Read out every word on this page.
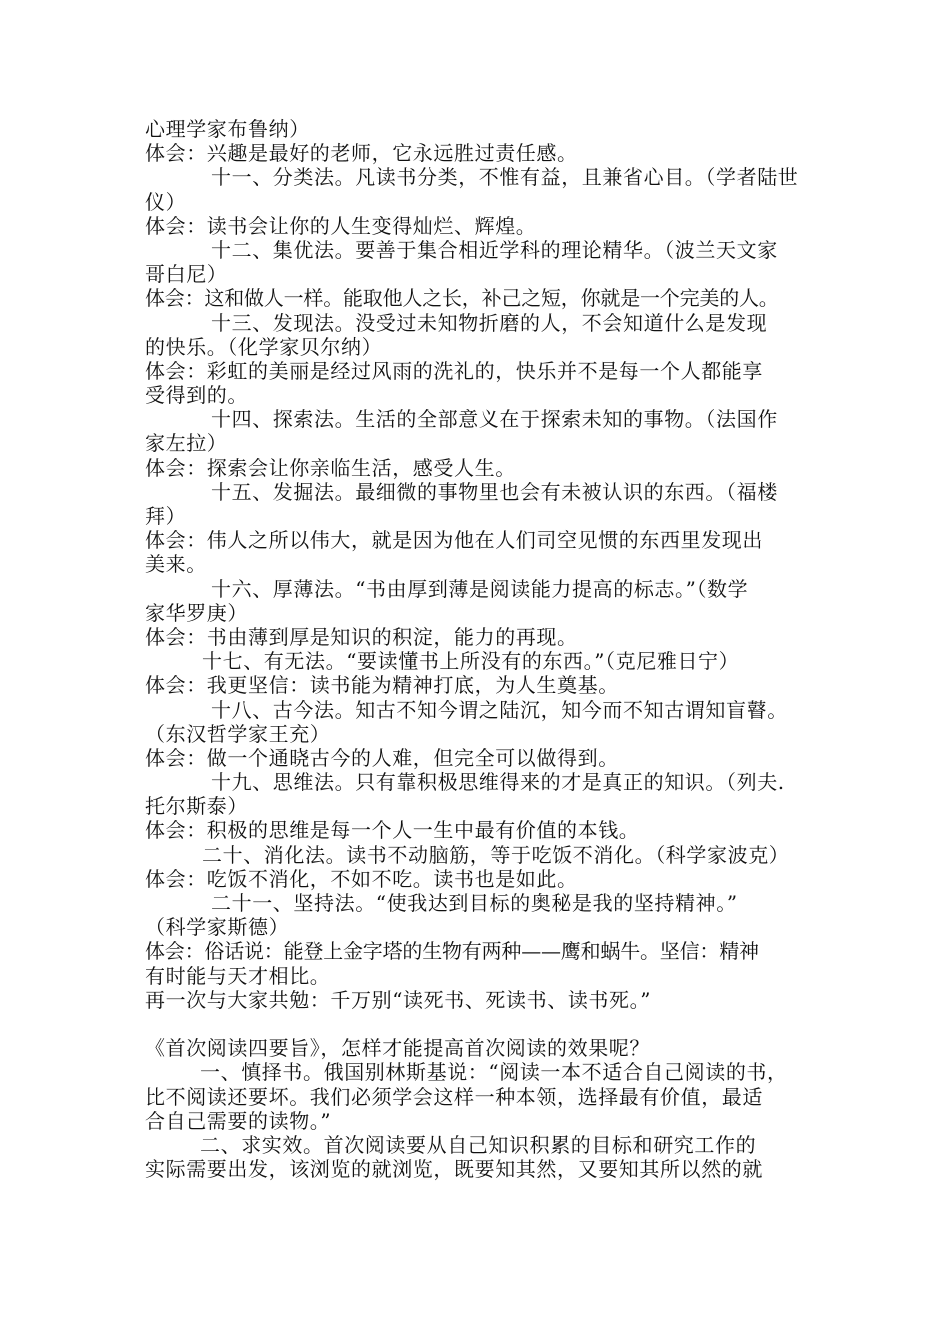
心理学家布鲁纳）
体会：兴趣是最好的老师，它永远胜过责任感。
十一、分类法。凡读书分类，不惟有益，且兼省心目。（学者陆世
仪）
体会：读书会让你的人生变得灿烂、辉煌。
十二、集优法。要善于集合相近学科的理论精华。（波兰天文家
哥白尼）
体会：这和做人一样。能取他人之长，补己之短，你就是一个完美的人。
十三、发现法。没受过未知物折磨的人，不会知道什么是发现
的快乐。（化学家贝尔纳）
体会：彩虹的美丽是经过风雨的洗礼的，快乐并不是每一个人都能享
受得到的。
十四、探索法。生活的全部意义在于探索未知的事物。（法国作
家左拉）
体会：探索会让你亲临生活，感受人生。
十五、发掘法。最细微的事物里也会有未被认识的东西。（福楼
拜）
体会：伟人之所以伟大，就是因为他在人们司空见惯的东西里发现出
美来。
十六、厚薄法。“书由厚到薄是阅读能力提高的标志。”（数学
家华罗庚）
体会：书由薄到厚是知识的积淀，能力的再现。
十七、有无法。“要读懂书上所没有的东西。”（克尼雅日宁）
体会：我更坚信：读书能为精神打底，为人生奠基。
十八、古今法。知古不知今谓之陆沉，知今而不知古谓知盲瞽。
（东汉哲学家王充）
体会：做一个通晓古今的人难，但完全可以做得到。
十九、思维法。只有靠积极思维得来的才是真正的知识。（列夫.
托尔斯泰）
体会：积极的思维是每一个人一生中最有价值的本钱。
二十、消化法。读书不动脑筋，等于吃饭不消化。（科学家波克）
体会：吃饭不消化，不如不吃。读书也是如此。
二十一、坚持法。“使我达到目标的奥秘是我的坚持精神。”
（科学家斯德）
体会：俗话说：能登上金字塔的生物有两种——鹰和蜗牛。坚信：精神
有时能与天才相比。
再一次与大家共勉：千万别“读死书、死读书、读书死。”
《首次阅读四要旨》，怎样才能提高首次阅读的效果呢？
一、慎择书。俄国别林斯基说：“阅读一本不适合自己阅读的书，
比不阅读还要坏。我们必须学会这样一种本领，选择最有价值，最适
合自己需要的读物。”
二、求实效。首次阅读要从自己知识积累的目标和研究工作的
实际需要出发，该浏览的就浏览，既要知其然，又要知其所以然的就
